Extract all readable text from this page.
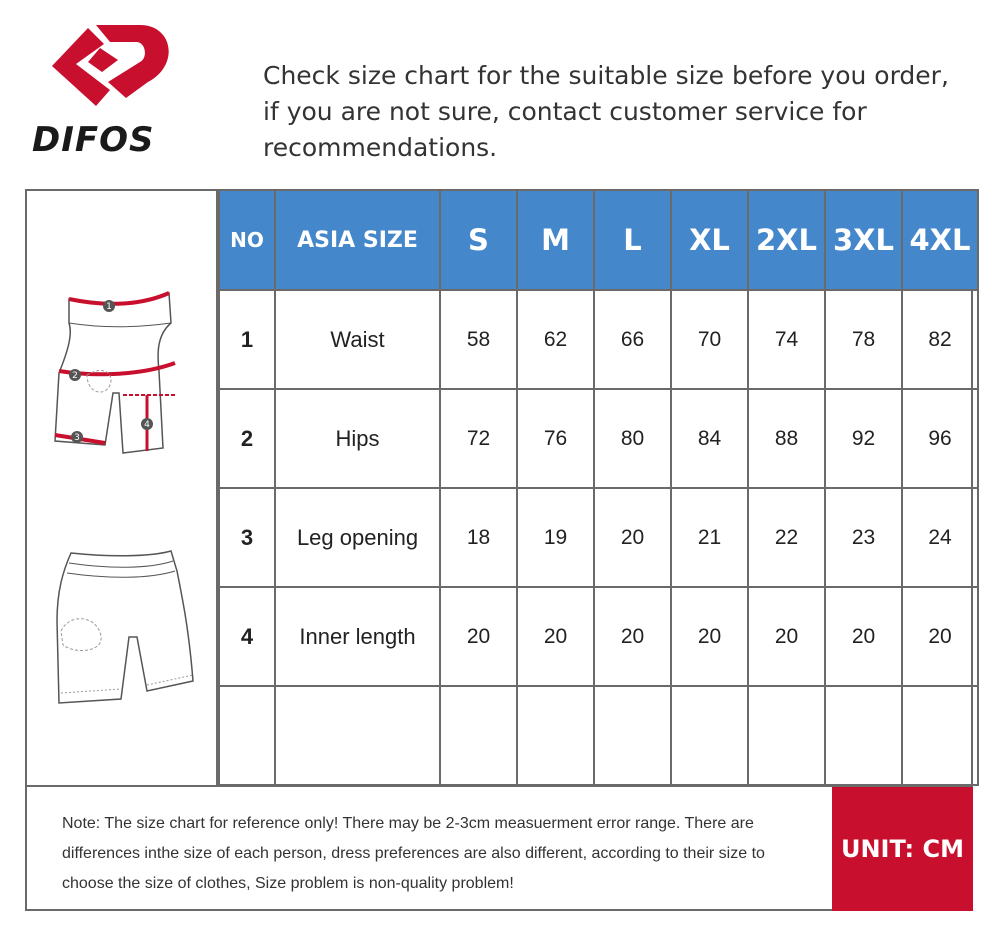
DIFOS
Check size chart for the suitable size before you order, if you are not sure, contact customer service for recommendations.
1
2
3
4
NO	ASIA SIZE	S	M	L	XL	2XL	3XL	4XL
1	Waist	58	62	66	70	74	78	82
2	Hips	72	76	80	84	88	92	96
3	Leg opening	18	19	20	21	22	23	24
4	Inner length	20	20	20	20	20	20	20

Note: The size chart for reference only! There may be 2-3cm measuerment error range. There are differences inthe size of each person, dress preferences are also different, according to their size to choose the size of clothes, Size problem is non-quality problem!
UNIT: CM
